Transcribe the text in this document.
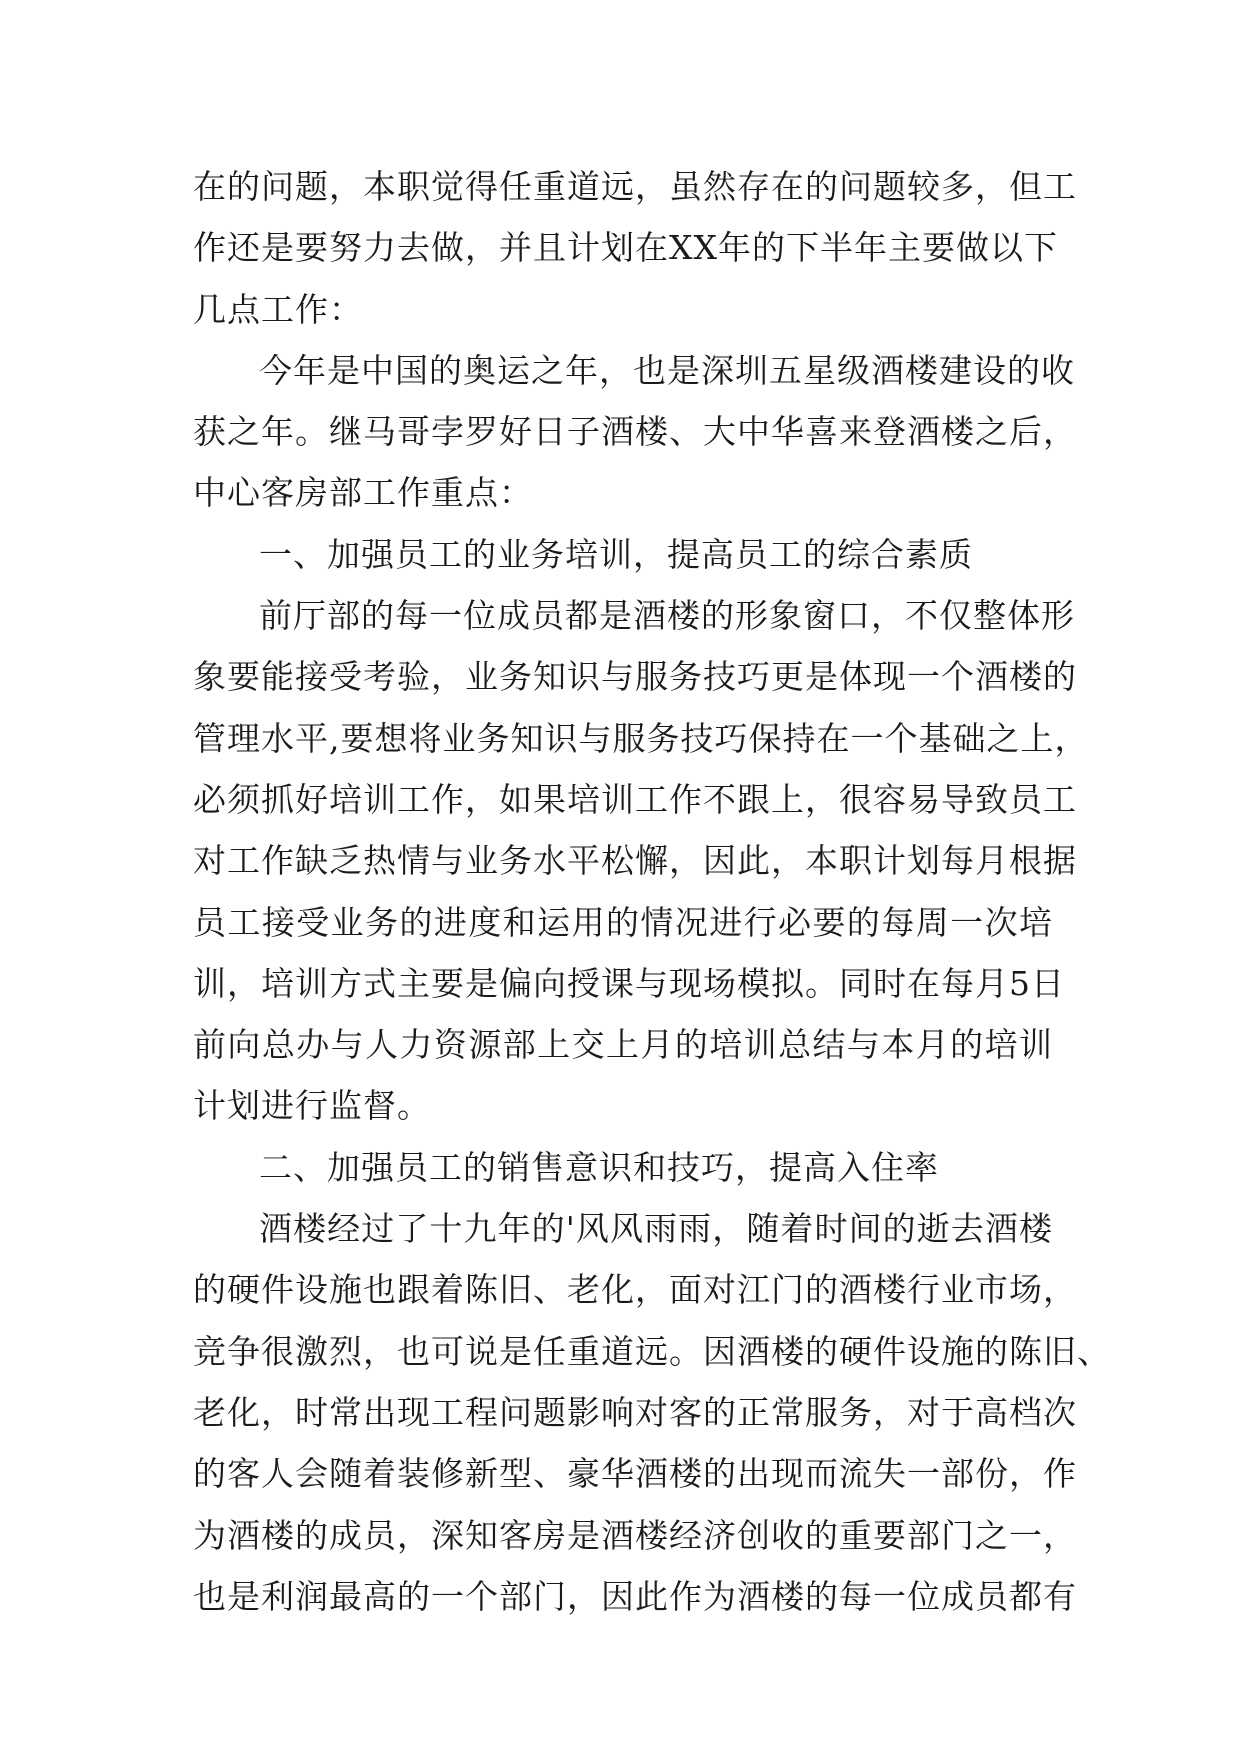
在的问题，本职觉得任重道远，虽然存在的问题较多，但工
作还是要努力去做，并且计划在XX年的下半年主要做以下
几点工作：
今年是中国的奥运之年，也是深圳五星级酒楼建设的收
获之年。继马哥孛罗好日子酒楼、大中华喜来登酒楼之后，
中心客房部工作重点：
一、加强员工的业务培训，提高员工的综合素质
前厅部的每一位成员都是酒楼的形象窗口，不仅整体形
象要能接受考验，业务知识与服务技巧更是体现一个酒楼的
管理水平,要想将业务知识与服务技巧保持在一个基础之上，
必须抓好培训工作，如果培训工作不跟上，很容易导致员工
对工作缺乏热情与业务水平松懈，因此，本职计划每月根据
员工接受业务的进度和运用的情况进行必要的每周一次培
训，培训方式主要是偏向授课与现场模拟。同时在每月5日
前向总办与人力资源部上交上月的培训总结与本月的培训
计划进行监督。
二、加强员工的销售意识和技巧，提高入住率
酒楼经过了十九年的'风风雨雨，随着时间的逝去酒楼
的硬件设施也跟着陈旧、老化，面对江门的酒楼行业市场，
竞争很激烈，也可说是任重道远。因酒楼的硬件设施的陈旧、
老化，时常出现工程问题影响对客的正常服务，对于高档次
的客人会随着装修新型、豪华酒楼的出现而流失一部份，作
为酒楼的成员，深知客房是酒楼经济创收的重要部门之一，
也是利润最高的一个部门，因此作为酒楼的每一位成员都有
